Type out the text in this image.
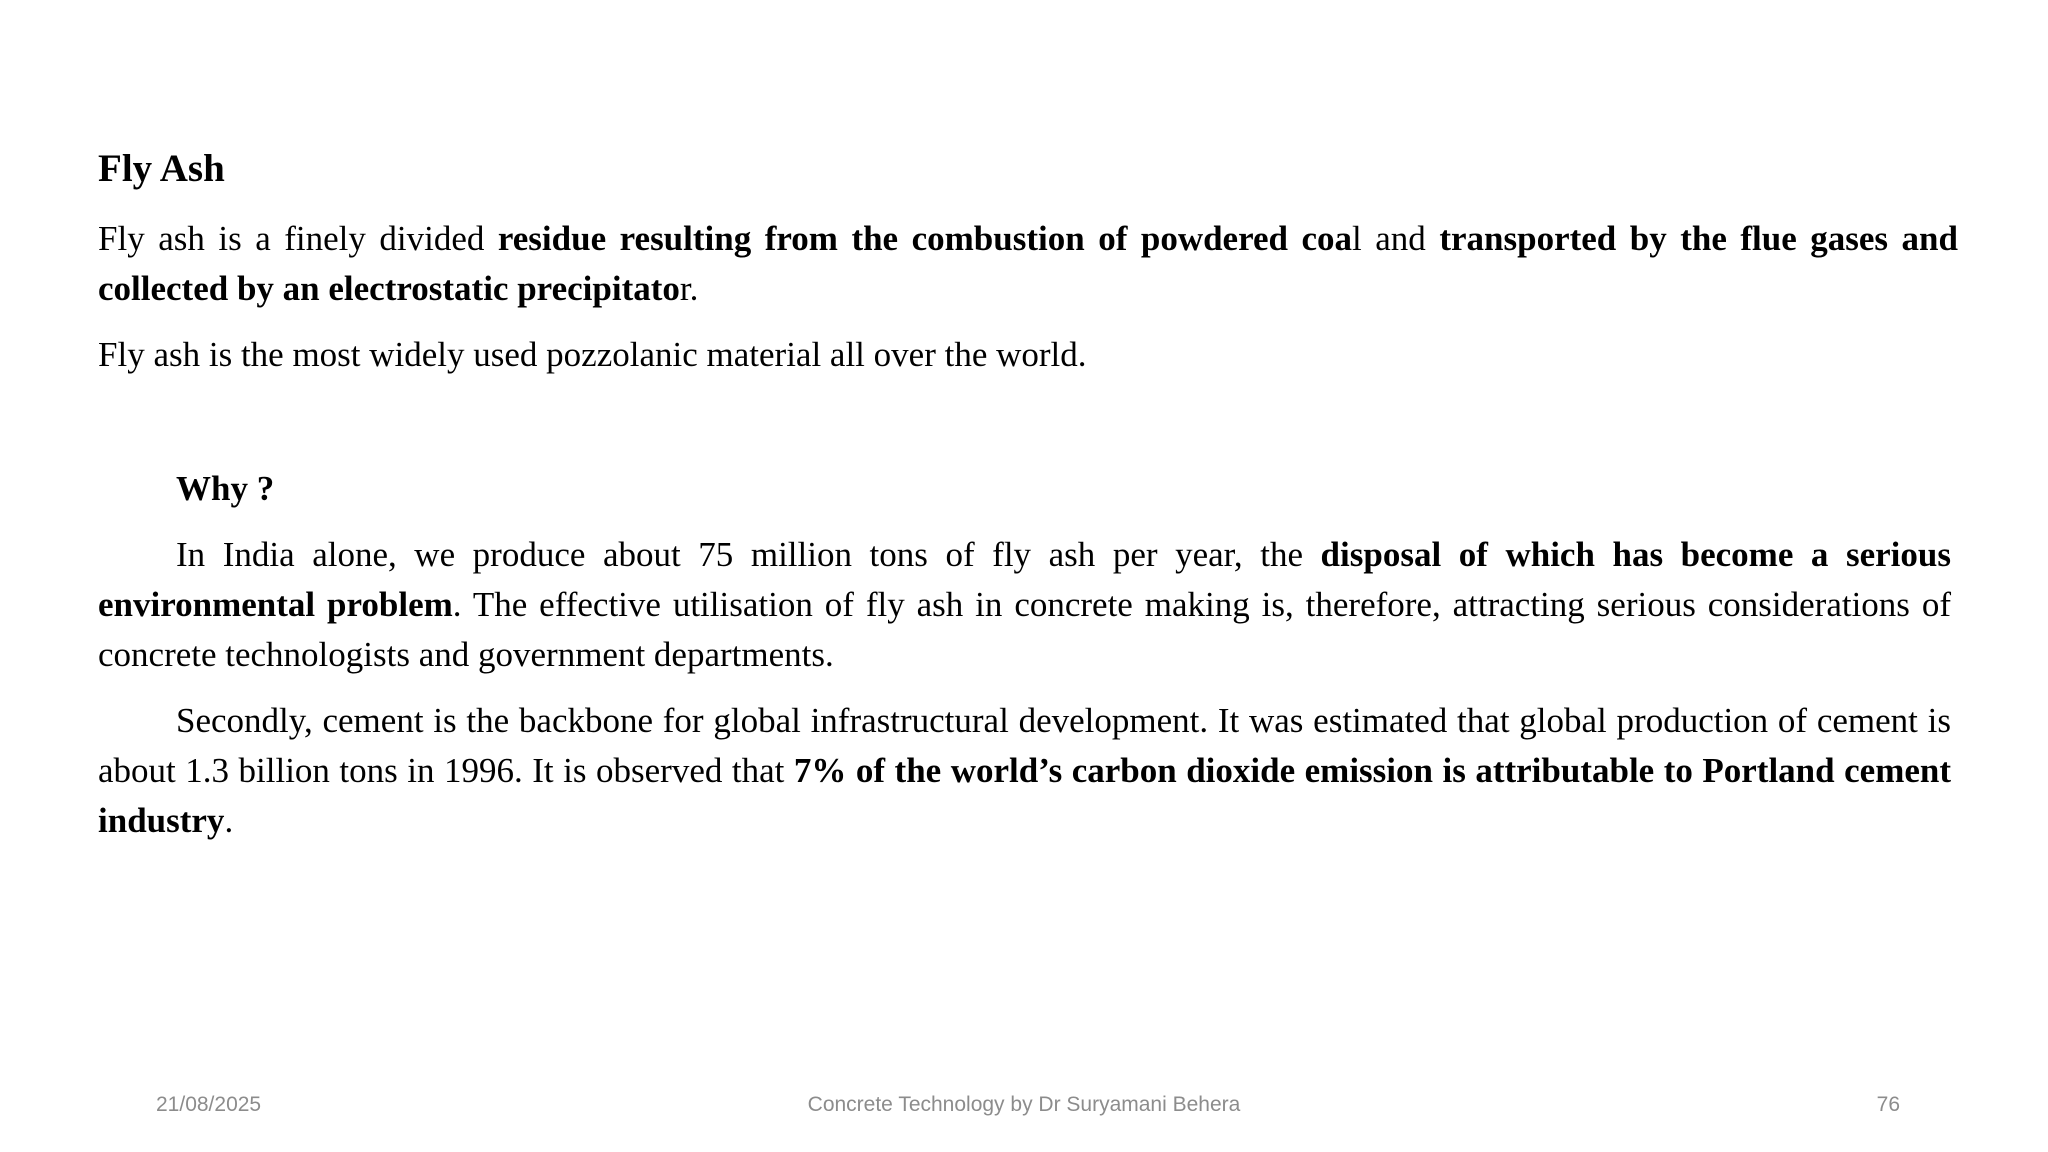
Fly Ash

Fly ash is a finely divided residue resulting from the combustion of powdered coal and transported by the flue gases and collected by an electrostatic precipitator.

Fly ash is the most widely used pozzolanic material all over the world.

Why ?

In India alone, we produce about 75 million tons of fly ash per year, the disposal of which has become a serious environmental problem. The effective utilisation of fly ash in concrete making is, therefore, attracting serious considerations of concrete technologists and government departments.

Secondly, cement is the backbone for global infrastructural development. It was estimated that global production of cement is about 1.3 billion tons in 1996. It is observed that 7% of the world’s carbon dioxide emission is attributable to Portland cement industry.

21/08/2025	Concrete Technology by Dr Suryamani Behera	76
